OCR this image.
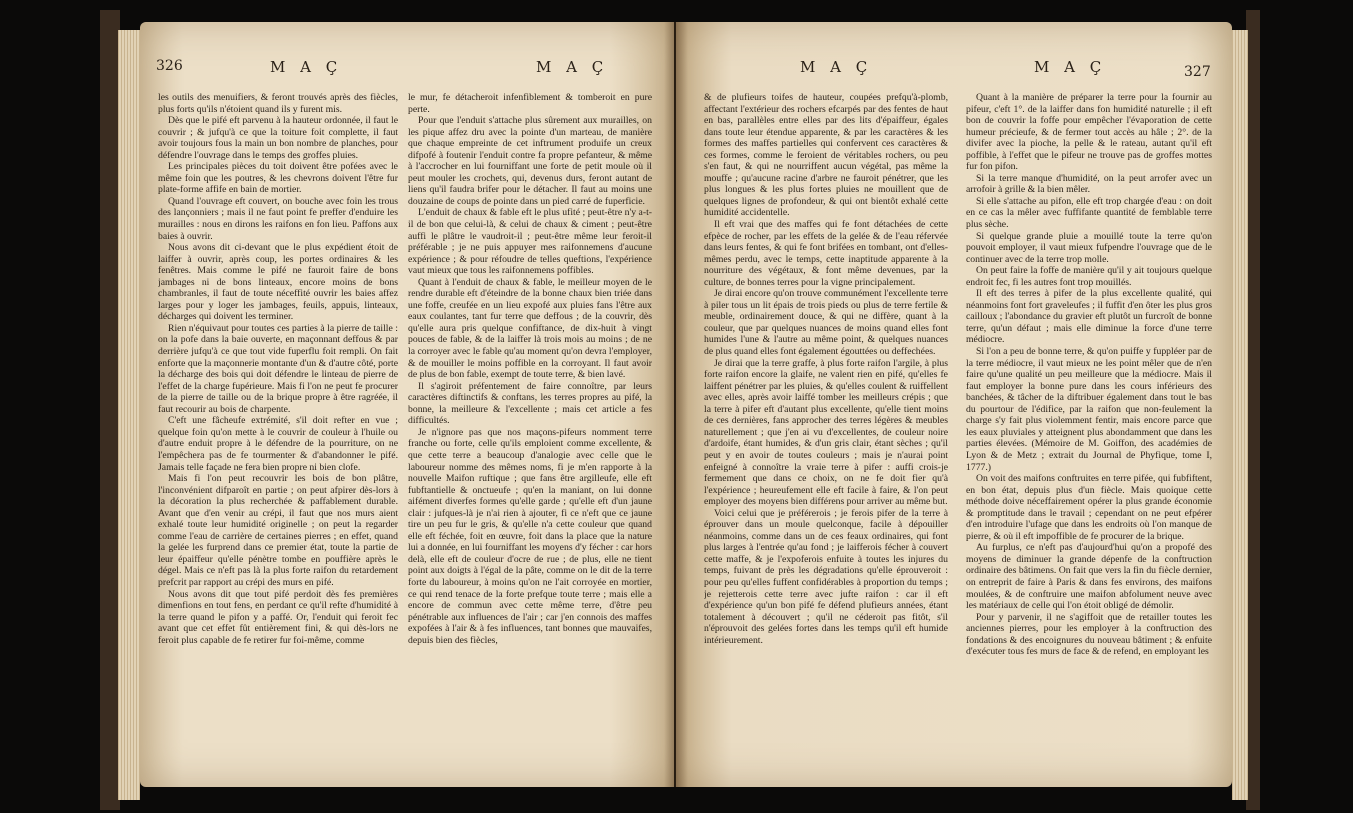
326	M A Ç	M A Ç

les outils des menuifiers, & feront trouvés après des fiècles, plus forts qu'ils n'étoient quand ils y furent mis.

Dès que le pifé eft parvenu à la hauteur ordonnée, il faut le couvrir ; & jufqu'à ce que la toiture foit complette, il faut avoir toujours fous la main un bon nombre de planches, pour défendre l'ouvrage dans le temps des groffes pluies.

Les principales pièces du toit doivent être pofées avec le même foin que les poutres, & les chevrons doivent l'être fur plate-forme affife en bain de mortier.

Quand l'ouvrage eft couvert, on bouche avec foin les trous des lançonniers ; mais il ne faut point fe preffer d'enduire les murailles : nous en dirons les raifons en fon lieu. Paffons aux baies à ouvrir.

Nous avons dit ci-devant que le plus expédient étoit de laiffer à ouvrir, après coup, les portes ordinaires & les fenêtres. Mais comme le pifé ne fauroit faire de bons jambages ni de bons linteaux, encore moins de bons chambranles, il faut de toute néceffité ouvrir les baies affez larges pour y loger les jambages, feuils, appuis, linteaux, décharges qui doivent les terminer.

Rien n'équivaut pour toutes ces parties à la pierre de taille : on la pofe dans la baie ouverte, en maçonnant deffous & par derrière jufqu'à ce que tout vide fuperflu foit rempli. On fait enforte que la maçonnerie montante d'un & d'autre côté, porte la décharge des bois qui doit défendre le linteau de pierre de l'effet de la charge fupérieure. Mais fi l'on ne peut fe procurer de la pierre de taille ou de la brique propre à être ragréée, il faut recourir au bois de charpente.

C'eft une fâcheufe extrémité, s'il doit refter en vue ; quelque foin qu'on mette à le couvrir de couleur à l'huile ou d'autre enduit propre à le défendre de la pourriture, on ne l'empêchera pas de fe tourmenter & d'abandonner le pifé. Jamais telle façade ne fera bien propre ni bien clofe.

Mais fi l'on peut recouvrir les bois de bon plâtre, l'inconvénient difparoît en partie ; on peut afpirer dès-lors à la décoration la plus recherchée & paffablement durable. Avant que d'en venir au crépi, il faut que nos murs aient exhalé toute leur humidité originelle ; on peut la regarder comme l'eau de carrière de certaines pierres ; en effet, quand la gelée les furprend dans ce premier état, toute la partie de leur épaiffeur qu'elle pénètre tombe en pouffière après le dégel. Mais ce n'eft pas là la plus forte raifon du retardement prefcrit par rapport au crépi des murs en pifé.

Nous avons dit que tout pifé perdoit dès fes premières dimenfions en tout fens, en perdant ce qu'il refte d'humidité à la terre quand le pifon y a paffé. Or, l'enduit qui feroit fec avant que cet effet fût entièrement fini, & qui dès-lors ne feroit plus capable de fe retirer fur foi-même, comme

le mur, fe détacheroit infenfiblement & tomberoit en pure perte.

Pour que l'enduit s'attache plus sûrement aux murailles, on les pique affez dru avec la pointe d'un marteau, de manière que chaque empreinte de cet inftrument produife un creux difpofé à foutenir l'enduit contre fa propre pefanteur, & même à l'accrocher en lui fourniffant une forte de petit moule où il peut mouler les crochets, qui, devenus durs, feront autant de liens qu'il faudra brifer pour le détacher. Il faut au moins une douzaine de coups de pointe dans un pied carré de fuperficie.

L'enduit de chaux & fable eft le plus ufité ; peut-être n'y a-t-il de bon que celui-là, & celui de chaux & ciment ; peut-être auffi le plâtre le vaudroit-il ; peut-être même leur feroit-il préférable ; je ne puis appuyer mes raifonnemens d'aucune expérience ; & pour réfoudre de telles queftions, l'expérience vaut mieux que tous les raifonnemens poffibles.

Quant à l'enduit de chaux & fable, le meilleur moyen de le rendre durable eft d'éteindre de la bonne chaux bien triée dans une foffe, creufée en un lieu expofé aux pluies fans l'être aux eaux coulantes, tant fur terre que deffous ; de la couvrir, dès qu'elle aura pris quelque confiftance, de dix-huit à vingt pouces de fable, & de la laiffer là trois mois au moins ; de ne la corroyer avec le fable qu'au moment qu'on devra l'employer, & de mouiller le moins poffible en la corroyant. Il faut avoir de plus de bon fable, exempt de toute terre, & bien lavé.

Il s'agiroit préfentement de faire connoître, par leurs caractères diftinctifs & conftans, les terres propres au pifé, la bonne, la meilleure & l'excellente ; mais cet article a fes difficultés.

Je n'ignore pas que nos maçons-pifeurs nomment terre franche ou forte, celle qu'ils emploient comme excellente, & que cette terre a beaucoup d'analogie avec celle que le laboureur nomme des mêmes noms, fi je m'en rapporte à la nouvelle Maifon ruftique ; que fans être argilleufe, elle eft fubftantielle & onctueufe ; qu'en la maniant, on lui donne aifément diverfes formes qu'elle garde ; qu'elle eft d'un jaune clair : jufques-là je n'ai rien à ajouter, fi ce n'eft que ce jaune tire un peu fur le gris, & qu'elle n'a cette couleur que quand elle eft féchée, foit en œuvre, foit dans la place que la nature lui a donnée, en lui fourniffant les moyens d'y fécher : car hors delà, elle eft de couleur d'ocre de rue ; de plus, elle ne tient point aux doigts à l'égal de la pâte, comme on le dit de la terre forte du laboureur, à moins qu'on ne l'ait corroyée en mortier, ce qui rend tenace de la forte prefque toute terre ; mais elle a encore de commun avec cette même terre, d'être peu pénétrable aux influences de l'air ; car j'en connois des maffes expofées à l'air & à fes influences, tant bonnes que mauvaifes, depuis bien des fiècles,

M A Ç	M A Ç	327

& de plufieurs toifes de hauteur, coupées prefqu'à-plomb, affectant l'extérieur des rochers efcarpés par des fentes de haut en bas, parallèles entre elles par des lits d'épaiffeur, égales dans toute leur étendue apparente, & par les caractères & les formes des maffes partielles qui confervent ces caractères & ces formes, comme le feroient de véritables rochers, ou peu s'en faut, & qui ne nourriffent aucun végétal, pas même la mouffe ; qu'aucune racine d'arbre ne fauroit pénétrer, que les plus longues & les plus fortes pluies ne mouillent que de quelques lignes de profondeur, & qui ont bientôt exhalé cette humidité accidentelle.

Il eft vrai que des maffes qui fe font détachées de cette efpèce de rocher, par les effets de la gelée & de l'eau réfervée dans leurs fentes, & qui fe font brifées en tombant, ont d'elles-mêmes perdu, avec le temps, cette inaptitude apparente à la nourriture des végétaux, & font même devenues, par la culture, de bonnes terres pour la vigne principalement.

Je dirai encore qu'on trouve communément l'excellente terre à piler tous un lit épais de trois pieds ou plus de terre fertile & meuble, ordinairement douce, & qui ne diffère, quant à la couleur, que par quelques nuances de moins quand elles font humides l'une & l'autre au même point, & quelques nuances de plus quand elles font également égouttées ou deffechées.

Je dirai que la terre graffe, à plus forte raifon l'argile, à plus forte raifon encore la glaife, ne valent rien en pifé, qu'elles fe laiffent pénétrer par les pluies, & qu'elles coulent & ruiffellent avec elles, après avoir laiffé tomber les meilleurs crépis ; que la terre à pifer eft d'autant plus excellente, qu'elle tient moins de ces dernières, fans approcher des terres légères & meubles naturellement ; que j'en ai vu d'excellentes, de couleur noire d'ardoife, étant humides, & d'un gris clair, étant sèches ; qu'il peut y en avoir de toutes couleurs ; mais je n'aurai point enfeigné à connoître la vraie terre à pifer : auffi crois-je fermement que dans ce choix, on ne fe doit fier qu'à l'expérience ; heureufement elle eft facile à faire, & l'on peut employer des moyens bien différens pour arriver au même but.

Voici celui que je préférerois ; je ferois pifer de la terre à éprouver dans un moule quelconque, facile à dépouiller néanmoins, comme dans un de ces feaux ordinaires, qui font plus larges à l'entrée qu'au fond ; je laifferois fécher à couvert cette maffe, & je l'expoferois enfuite à toutes les injures du temps, fuivant de près les dégradations qu'elle éprouveroit : pour peu qu'elles fuffent confidérables à proportion du temps ; je rejetterois cette terre avec jufte raifon : car il eft d'expérience qu'un bon pifé fe défend plufieurs années, étant totalement à découvert ; qu'il ne céderoit pas fitôt, s'il n'éprouvoit des gelées fortes dans les temps qu'il eft humide intérieurement.

Quant à la manière de préparer la terre pour la fournir au pifeur, c'eft 1°. de la laiffer dans fon humidité naturelle ; il eft bon de couvrir la foffe pour empêcher l'évaporation de cette humeur précieufe, & de fermer tout accès au hâle ; 2°. de la divifer avec la pioche, la pelle & le rateau, autant qu'il eft poffible, à l'effet que le pifeur ne trouve pas de groffes mottes fur fon pifon.

Si la terre manque d'humidité, on la peut arrofer avec un arrofoir à grille & la bien mêler.

Si elle s'attache au pifon, elle eft trop chargée d'eau : on doit en ce cas la mêler avec fuffifante quantité de femblable terre plus sèche.

Si quelque grande pluie a mouillé toute la terre qu'on pouvoit employer, il vaut mieux fufpendre l'ouvrage que de le continuer avec de la terre trop molle.

On peut faire la foffe de manière qu'il y ait toujours quelque endroit fec, fi les autres font trop mouillés.

Il eft des terres à pifer de la plus excellente qualité, qui néanmoins font fort graveleufes ; il fuffit d'en ôter les plus gros cailloux ; l'abondance du gravier eft plutôt un furcroît de bonne terre, qu'un défaut ; mais elle diminue la force d'une terre médiocre.

Si l'on a peu de bonne terre, & qu'on puiffe y fuppléer par de la terre médiocre, il vaut mieux ne les point mêler que de n'en faire qu'une qualité un peu meilleure que la médiocre. Mais il faut employer la bonne pure dans les cours inférieurs des banchées, & tâcher de la diftribuer également dans tout le bas du pourtour de l'édifice, par la raifon que non-feulement la charge s'y fait plus violemment fentir, mais encore parce que les eaux pluviales y atteignent plus abondamment que dans les parties élevées. (Mémoire de M. Goiffon, des académies de Lyon & de Metz ; extrait du Journal de Phyfique, tome I, 1777.)

On voit des maifons conftruites en terre pifée, qui fubfiftent, en bon état, depuis plus d'un fiècle. Mais quoique cette méthode doive néceffairement opérer la plus grande économie & promptitude dans le travail ; cependant on ne peut efpérer d'en introduire l'ufage que dans les endroits où l'on manque de pierre, & où il eft impoffible de fe procurer de la brique.

Au furplus, ce n'eft pas d'aujourd'hui qu'on a propofé des moyens de diminuer la grande dépenfe de la conftruction ordinaire des bâtimens. On fait que vers la fin du fiècle dernier, on entreprit de faire à Paris & dans fes environs, des maifons moulées, & de conftruire une maifon abfolument neuve avec les matériaux de celle qui l'on étoit obligé de démolir.

Pour y parvenir, il ne s'agiffoit que de retailler toutes les anciennes pierres, pour les employer à la conftruction des fondations & des encoignures du nouveau bâtiment ; & enfuite d'exécuter tous fes murs de face & de refend, en employant les
